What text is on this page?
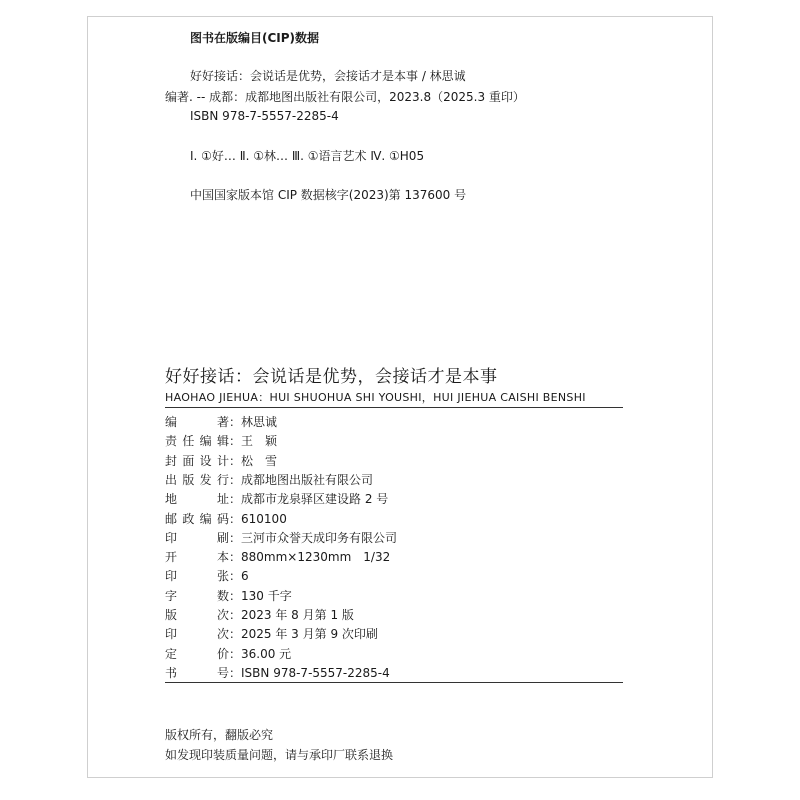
图书在版编目(CIP)数据
好好接话：会说话是优势，会接话才是本事 / 林思诚
编著. -- 成都：成都地图出版社有限公司，2023.8（2025.3 重印）
ISBN 978-7-5557-2285-4
Ⅰ. ①好… Ⅱ. ①林… Ⅲ. ①语言艺术 Ⅳ. ①H05
中国国家版本馆 CIP 数据核字(2023)第 137600 号
好好接话：会说话是优势，会接话才是本事
HAOHAO JIEHUA：HUI SHUOHUA SHI YOUSHI，HUI JIEHUA CAISHI BENSHI
编　著：林思诚
责任编辑：王　颖
封面设计：松　雪
出版发行：成都地图出版社有限公司
地　址：成都市龙泉驿区建设路 2 号
邮政编码：610100
印　刷：三河市众誉天成印务有限公司
开　本：880mm×1230mm　1/32
印　张：6
字　数：130 千字
版　次：2023 年 8 月第 1 版
印　次：2025 年 3 月第 9 次印刷
定　价：36.00 元
书　号：ISBN 978-7-5557-2285-4
版权所有，翻版必究
如发现印装质量问题，请与承印厂联系退换
